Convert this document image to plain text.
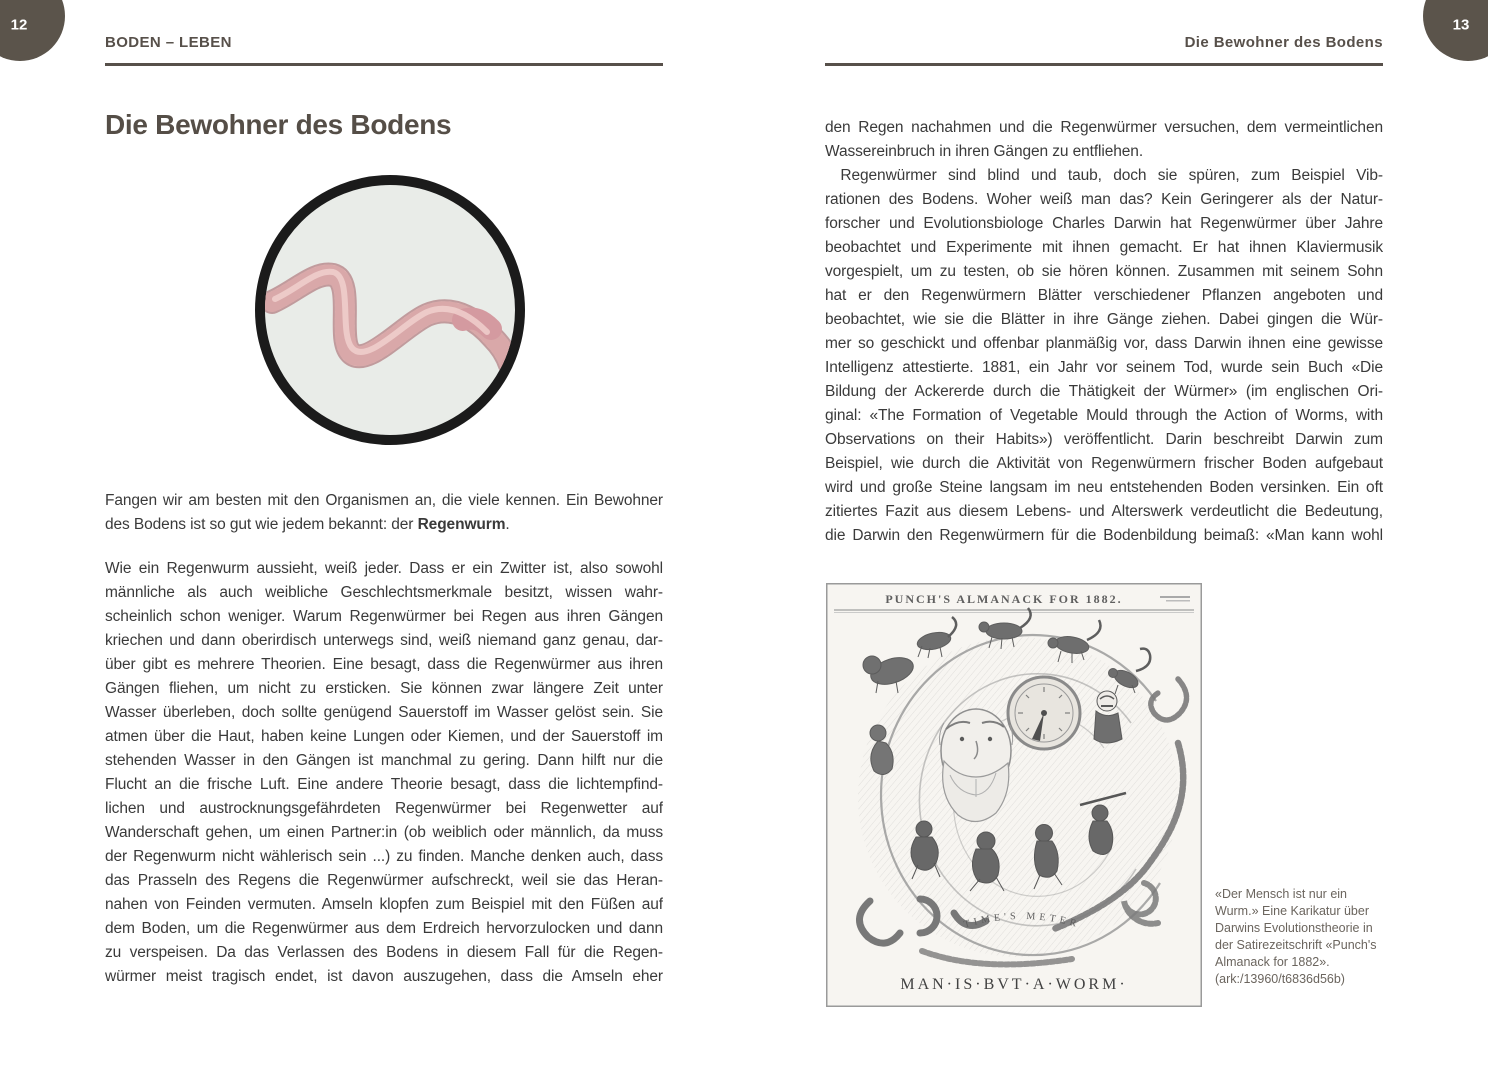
12
BODEN – LEBEN
Die Bewohner des Bodens
Fangen wir am besten mit den Organismen an, die viele kennen. Ein Bewohner
des Bodens ist so gut wie jedem bekannt: der Regenwurm.
Wie ein Regenwurm aussieht, weiß jeder. Dass er ein Zwitter ist, also sowohl
männliche als auch weibliche Geschlechtsmerkmale besitzt, wissen wahr-
scheinlich schon weniger. Warum Regenwürmer bei Regen aus ihren Gängen
kriechen und dann oberirdisch unterwegs sind, weiß niemand ganz genau, dar-
über gibt es mehrere Theorien. Eine besagt, dass die Regenwürmer aus ihren
Gängen fliehen, um nicht zu ersticken. Sie können zwar längere Zeit unter
Wasser überleben, doch sollte genügend Sauerstoff im Wasser gelöst sein. Sie
atmen über die Haut, haben keine Lungen oder Kiemen, und der Sauerstoff im
stehenden Wasser in den Gängen ist manchmal zu gering. Dann hilft nur die
Flucht an die frische Luft. Eine andere Theorie besagt, dass die lichtempfind-
lichen und austrocknungsgefährdeten Regenwürmer bei Regenwetter auf
Wanderschaft gehen, um einen Partner:in (ob weiblich oder männlich, da muss
der Regenwurm nicht wählerisch sein ...) zu finden. Manche denken auch, dass
das Prasseln des Regens die Regenwürmer aufschreckt, weil sie das Heran-
nahen von Feinden vermuten. Amseln klopfen zum Beispiel mit den Füßen auf
dem Boden, um die Regenwürmer aus dem Erdreich hervorzulocken und dann
zu verspeisen. Da das Verlassen des Bodens in diesem Fall für die Regen-
würmer meist tragisch endet, ist davon auszugehen, dass die Amseln eher
13
Die Bewohner des Bodens
den Regen nachahmen und die Regenwürmer versuchen, dem vermeintlichen
Wassereinbruch in ihren Gängen zu entfliehen.
 Regenwürmer sind blind und taub, doch sie spüren, zum Beispiel Vib-
rationen des Bodens. Woher weiß man das? Kein Geringerer als der Natur-
forscher und Evolutionsbiologe Charles Darwin hat Regenwürmer über Jahre
beobachtet und Experimente mit ihnen gemacht. Er hat ihnen Klaviermusik
vorgespielt, um zu testen, ob sie hören können. Zusammen mit seinem Sohn
hat er den Regenwürmern Blätter verschiedener Pflanzen angeboten und
beobachtet, wie sie die Blätter in ihre Gänge ziehen. Dabei gingen die Wür-
mer so geschickt und offenbar planmäßig vor, dass Darwin ihnen eine gewisse
Intelligenz attestierte. 1881, ein Jahr vor seinem Tod, wurde sein Buch «Die
Bildung der Ackererde durch die Thätigkeit der Würmer» (im englischen Ori-
ginal: «The Formation of Vegetable Mould through the Action of Worms, with
Observations on their Habits») veröffentlicht. Darin beschreibt Darwin zum
Beispiel, wie durch die Aktivität von Regenwürmern frischer Boden aufgebaut
wird und große Steine langsam im neu entstehenden Boden versinken. Ein oft
zitiertes Fazit aus diesem Lebens- und Alterswerk verdeutlicht die Bedeutung,
die Darwin den Regenwürmern für die Bodenbildung beimaß: «Man kann wohl
PUNCH'S ALMANACK FOR 1882.
TIME'S METER
MAN·IS·BVT·A·WORM·
«Der Mensch ist nur ein
Wurm.» Eine Karikatur über
Darwins Evolutionstheorie in
der Satirezeitschrift «Punch's
Almanack for 1882».
(ark:/13960/t6836d56b)
